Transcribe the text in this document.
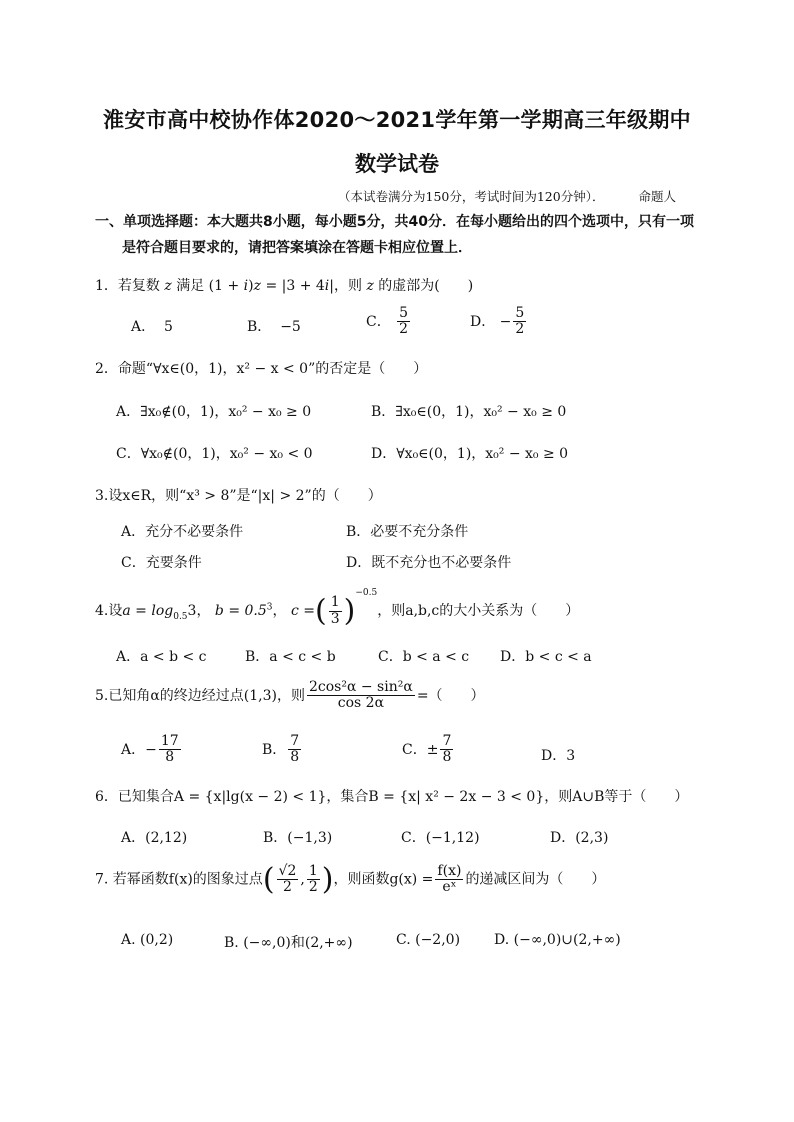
淮安市高中校协作体2020～2021学年第一学期高三年级期中
数学试卷
（本试卷满分为150分，考试时间为120分钟）．	命题人
一、单项选择题：本大题共8小题，每小题5分，共40分．在每小题给出的四个选项中，只有一项
是符合题目要求的，请把答案填涂在答题卡相应位置上．
1．若复数 z 满足 (1 + i)z = |3 + 4i|，则 z 的虚部为(　　)
A． 5	B． −5	C． $\frac{5}{2}$	D． − $\frac{5}{2}$
2．命题“∀x∈(0，1)，x² − x < 0”的否定是（　　）
A．∃x₀∉(0，1)，x₀² − x₀ ≥ 0	B．∃x₀∈(0，1)，x₀² − x₀ ≥ 0
C．∀x₀∉(0，1)，x₀² − x₀ < 0	D．∀x₀∈(0，1)，x₀² − x₀ ≥ 0
3.设x∈R，则“x³ > 8”是“|x| > 2”的（　　）
A．充分不必要条件	B．必要不充分条件
C．充要条件	D．既不充分也不必要条件
4.设$a = \log_{0.5}3$， $b = 0.5^3$， c =( $\frac{1}{3} )^{-0.5}$，则a,b,c的大小关系为（　　）
A．a < b < c	B．a < c < b	C．b < a < c D．b < c < a
5.已知角α的终边经过点(1,3)，则 $\frac{\text{2cos²α − sin²α}}{\cos 2\alpha}$ =（　　）
A．− $\frac{17}{8}$	B． $\frac{7}{8}$	C．± $\frac{7}{8}$	D．3
6．已知集合A = {x|lg(x − 2) < 1}，集合B = {x| x² − 2x − 3 < 0}，则A∪B等于（　　）
A．(2,12)	B．(−1,3)	C．(−1,12)	D．(2,3)
7. 若幂函数f(x)的图象过点( $\frac{√2}{2}$ , $\frac{1}{2}$ )，则函数$g(x) = \frac{f(x)}{\text{eˣ}}$ 的递减区间为（　　）
A. (0,2)	B. (−∞,0)和(2,+∞)	C. (−2,0) D. (−∞,0)∪(2,+∞)
